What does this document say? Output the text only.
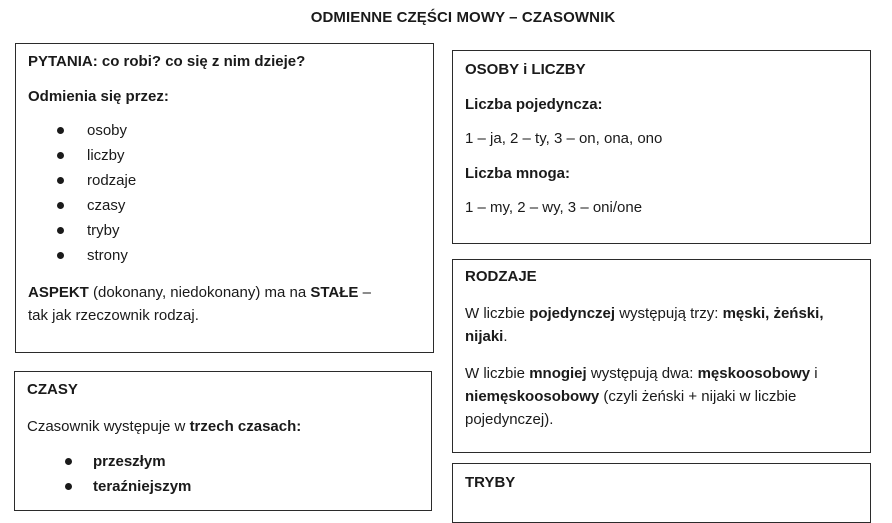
ODMIENNE CZĘŚCI MOWY – CZASOWNIK
PYTANIA: co robi? co się z nim dzieje?
Odmienia się przez:
osoby
liczby
rodzaje
czasy
tryby
strony
ASPEKT (dokonany, niedokonany) ma na STAŁE –
tak jak rzeczownik rodzaj.
CZASY
Czasownik występuje w trzech czasach:
przeszłym
teraźniejszym
OSOBY i LICZBY
Liczba pojedyncza:
1 – ja, 2 – ty, 3 – on, ona, ono
Liczba mnoga:
1 – my, 2 – wy, 3 – oni/one
RODZAJE
W liczbie pojedynczej występują trzy: męski, żeński,
nijaki.
W liczbie mnogiej występują dwa: męskoosobowy i
niemęskoosobowy (czyli żeński + nijaki w liczbie
pojedynczej).
TRYBY
